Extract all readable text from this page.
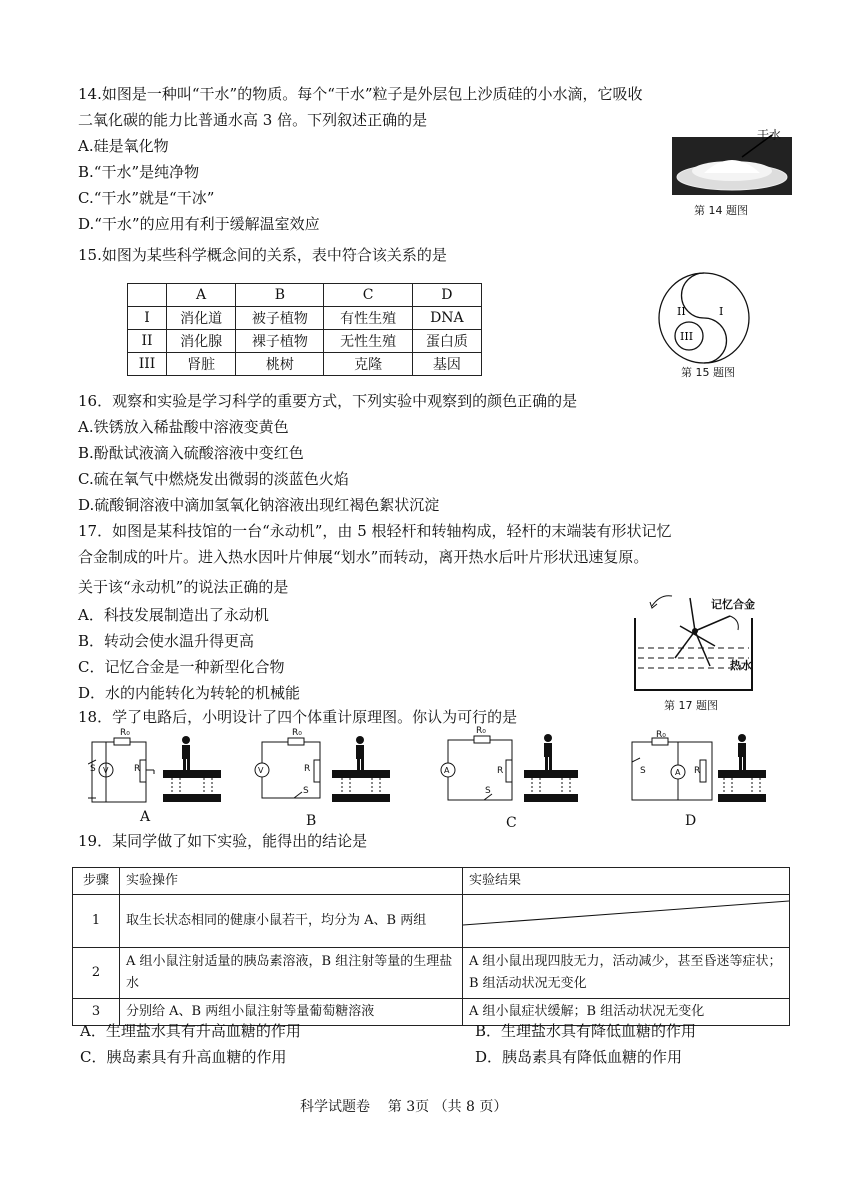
14.如图是一种叫“干水”的物质。每个“干水”粒子是外层包上沙质硅的小水滴，它吸收
二氧化碳的能力比普通水高 3 倍。下列叙述正确的是
A.硅是氧化物
B.“干水”是纯净物
C.“干水”就是“干冰”
D.“干水”的应用有利于缓解温室效应
干水
第 14 题图
15.如图为某些科学概念间的关系，表中符合该关系的是
	A	B	C	D
I	消化道	被子植物	有性生殖	DNA
II	消化腺	裸子植物	无性生殖	蛋白质
III	肾脏	桃树	克隆	基因
II	I
III
第 15 题图
16．观察和实验是学习科学的重要方式，下列实验中观察到的颜色正确的是
A.铁锈放入稀盐酸中溶液变黄色
B.酚酞试液滴入硫酸溶液中变红色
C.硫在氧气中燃烧发出微弱的淡蓝色火焰
D.硫酸铜溶液中滴加氢氧化钠溶液出现红褐色絮状沉淀
17．如图是某科技馆的一台“永动机”，由 5 根轻杆和转轴构成，轻杆的末端装有形状记忆
合金制成的叶片。进入热水因叶片伸展“划水”而转动，离开热水后叶片形状迅速复原。
关于该“永动机”的说法正确的是
A．科技发展制造出了永动机
B．转动会使水温升得更高
C．记忆合金是一种新型化合物
D．水的内能转化为转轮的机械能
记忆合金
热水
第 17 题图
18．学了电路后，小明设计了四个体重计原理图。你认为可行的是
R₀
S V	R
A
R₀
V
S
R
B
R₀
A
S
R
C
R₀
S	A R
D
19．某同学做了如下实验，能得出的结论是
步骤	实验操作	实验结果
1	取生长状态相同的健康小鼠若干，均分为 A、B 两组	
2	A 组小鼠注射适量的胰岛素溶液，B 组注射等量的生理盐水	A 组小鼠出现四肢无力，活动减少，甚至昏迷等症状；B 组活动状况无变化
3	分别给 A、B 两组小鼠注射等量葡萄糖溶液	A 组小鼠症状缓解；B 组活动状况无变化
A．生理盐水具有升高血糖的作用	B．生理盐水具有降低血糖的作用
C．胰岛素具有升高血糖的作用	D．胰岛素具有降低血糖的作用
科学试题卷    第 3页 （共 8 页）
